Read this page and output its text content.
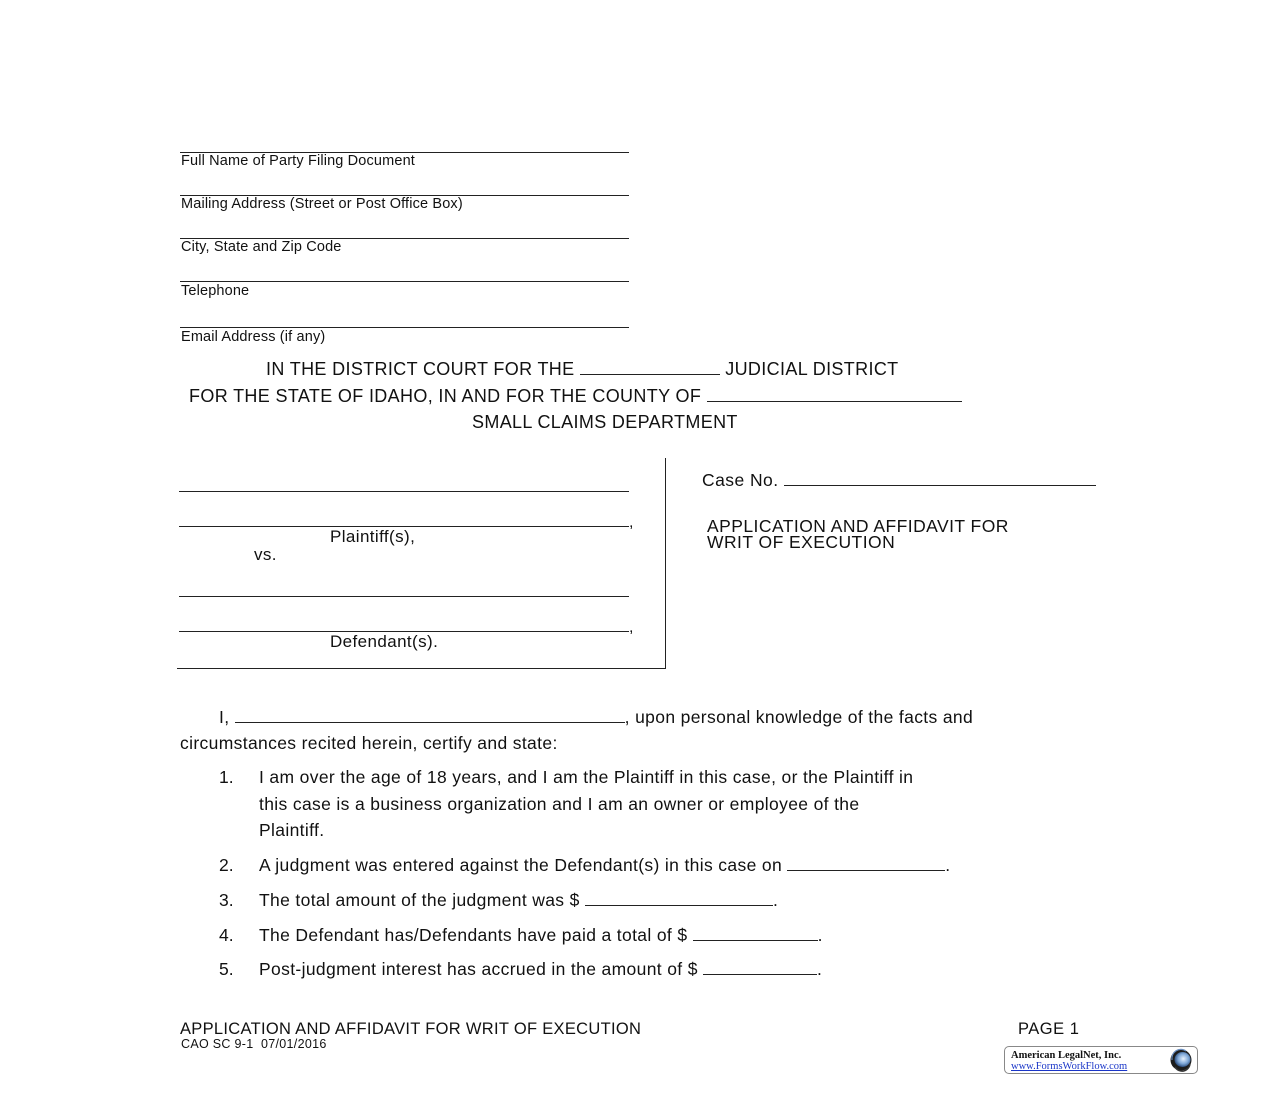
Full Name of Party Filing Document
Mailing Address (Street or Post Office Box)
City, State and Zip Code
Telephone
Email Address (if any)
IN THE DISTRICT COURT FOR THE	JUDICIAL DISTRICT
FOR THE STATE OF IDAHO, IN AND FOR THE COUNTY OF
SMALL CLAIMS DEPARTMENT
,
Plaintiff(s),
vs.
,
Defendant(s).
Case No.
APPLICATION AND AFFIDAVIT FOR
WRIT OF EXECUTION
I,	, upon personal knowledge of the facts and
circumstances recited herein, certify and state:
1. I am over the age of 18 years, and I am the Plaintiff in this case, or the Plaintiff in
this case is a business organization and I am an owner or employee of the
Plaintiff.
2. A judgment was entered against the Defendant(s) in this case on	.
3. The total amount of the judgment was $	.
4. The Defendant has/Defendants have paid a total of $	.
5. Post-judgment interest has accrued in the amount of $	.
APPLICATION AND AFFIDAVIT FOR WRIT OF EXECUTION
CAO SC 9-1  07/01/2016
PAGE 1
American LegalNet, Inc.
www.FormsWorkFlow.com
